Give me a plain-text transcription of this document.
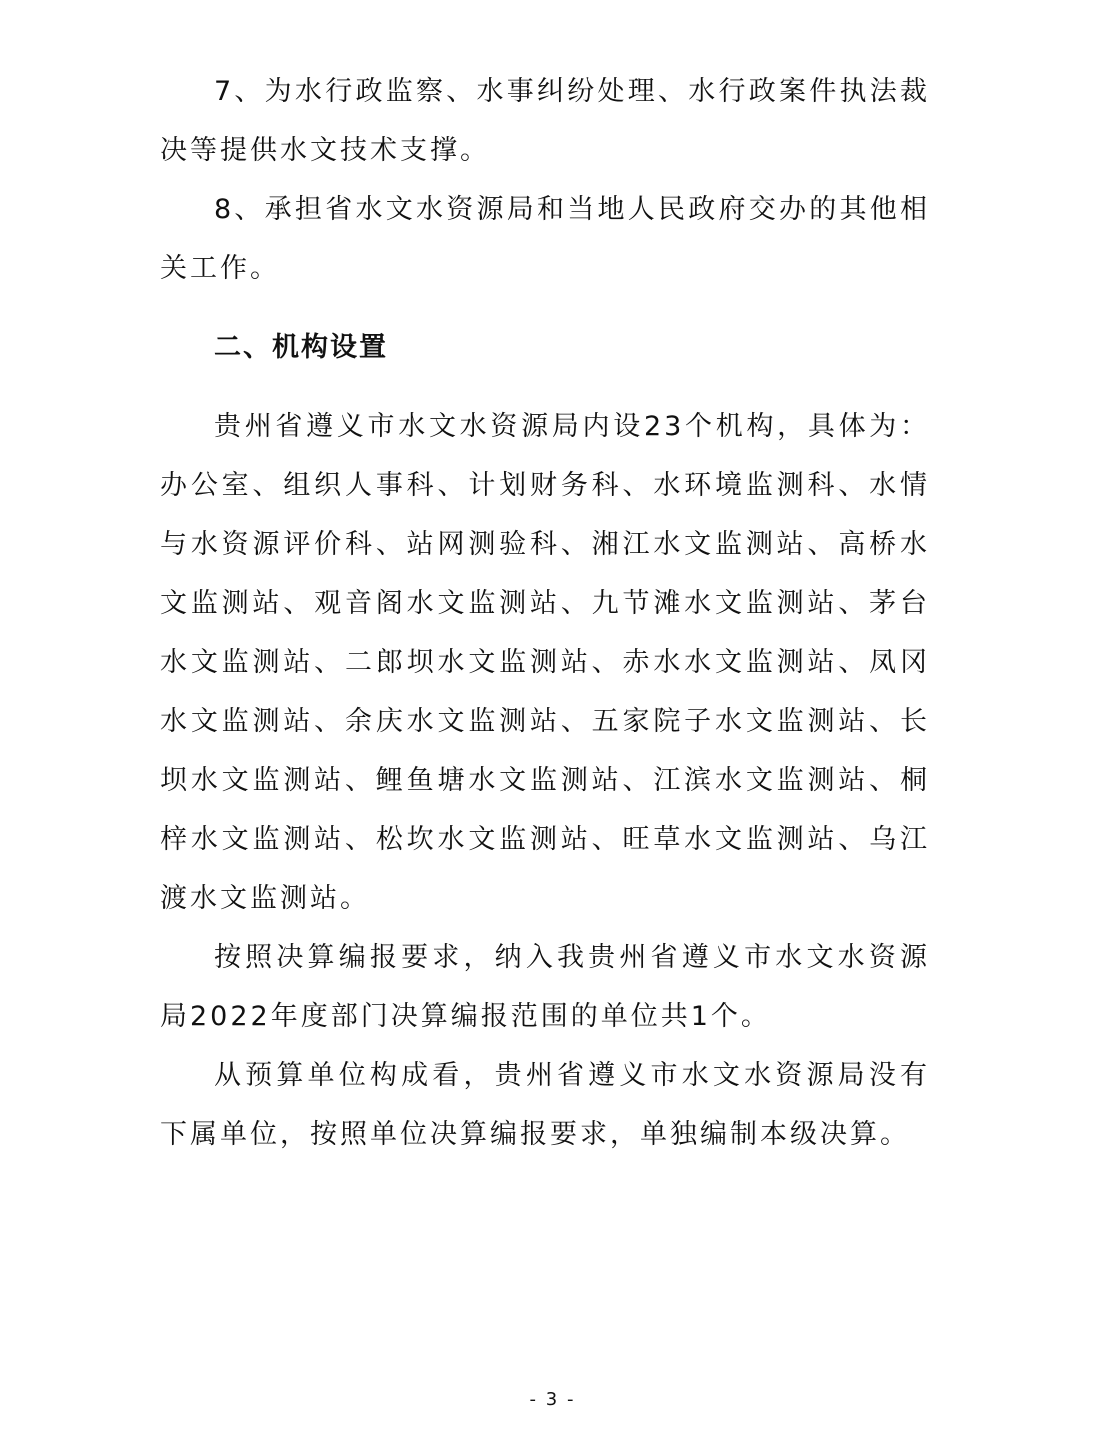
7、为水行政监察、水事纠纷处理、水行政案件执法裁决等提供水文技术支撑。

8、承担省水文水资源局和当地人民政府交办的其他相关工作。

二、机构设置

贵州省遵义市水文水资源局内设23个机构，具体为：办公室、组织人事科、计划财务科、水环境监测科、水情与水资源评价科、站网测验科、湘江水文监测站、高桥水文监测站、观音阁水文监测站、九节滩水文监测站、茅台水文监测站、二郎坝水文监测站、赤水水文监测站、凤冈水文监测站、余庆水文监测站、五家院子水文监测站、长坝水文监测站、鲤鱼塘水文监测站、江滨水文监测站、桐梓水文监测站、松坎水文监测站、旺草水文监测站、乌江渡水文监测站。

按照决算编报要求，纳入我贵州省遵义市水文水资源局2022年度部门决算编报范围的单位共1个。

从预算单位构成看，贵州省遵义市水文水资源局没有下属单位，按照单位决算编报要求，单独编制本级决算。

- 3 -
